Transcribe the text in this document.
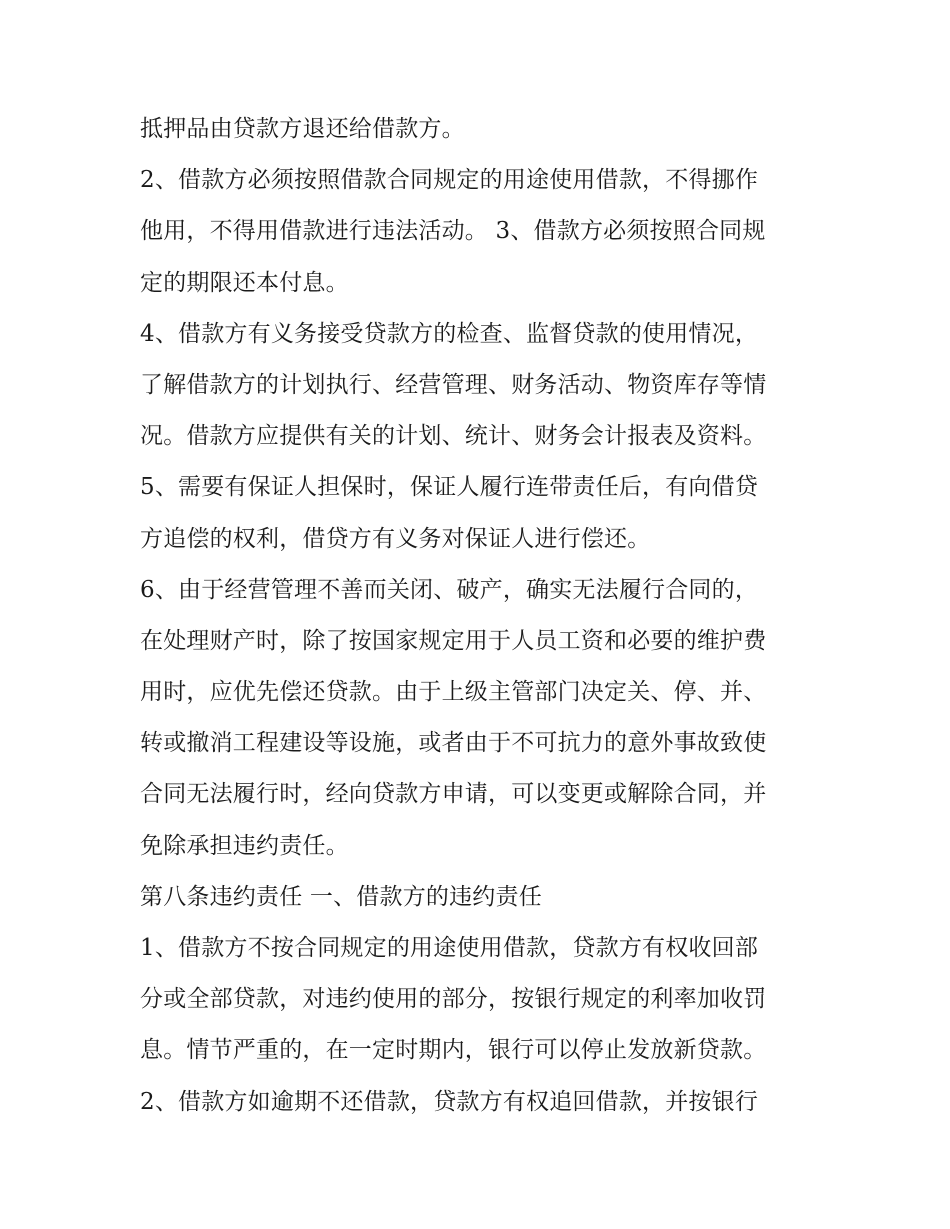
抵押品由贷款方退还给借款方。
2、借款方必须按照借款合同规定的用途使用借款，不得挪作
他用，不得用借款进行违法活动。 3、借款方必须按照合同规
定的期限还本付息。
4、借款方有义务接受贷款方的检查、监督贷款的使用情况，
了解借款方的计划执行、经营管理、财务活动、物资库存等情
况。借款方应提供有关的计划、统计、财务会计报表及资料。
5、需要有保证人担保时，保证人履行连带责任后，有向借贷
方追偿的权利，借贷方有义务对保证人进行偿还。
6、由于经营管理不善而关闭、破产，确实无法履行合同的，
在处理财产时，除了按国家规定用于人员工资和必要的维护费
用时，应优先偿还贷款。由于上级主管部门决定关、停、并、
转或撤消工程建设等设施，或者由于不可抗力的意外事故致使
合同无法履行时，经向贷款方申请，可以变更或解除合同，并
免除承担违约责任。
第八条违约责任 一、借款方的违约责任
1、借款方不按合同规定的用途使用借款，贷款方有权收回部
分或全部贷款，对违约使用的部分，按银行规定的利率加收罚
息。情节严重的，在一定时期内，银行可以停止发放新贷款。
2、借款方如逾期不还借款，贷款方有权追回借款，并按银行
